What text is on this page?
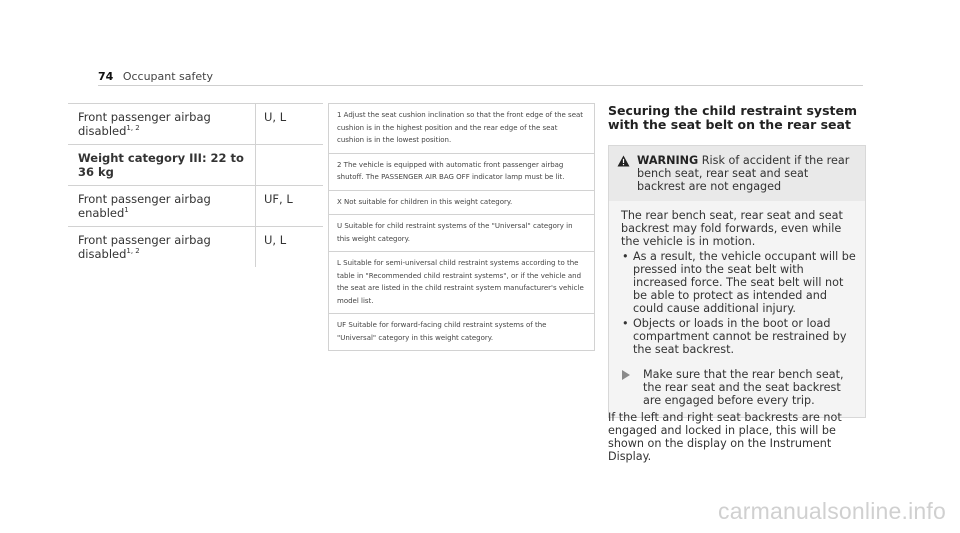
74 Occupant safety
Front passenger airbag disabled$^{1, 2}$
U, L
Weight category III: 22 to 36 kg
Front passenger airbag enabled$^1$
UF, L
Front passenger airbag disabled$^{1, 2}$
U, L
1 Adjust the seat cushion inclination so that the front edge of the seat cushion is in the highest position and the rear edge of the seat cushion is in the lowest position.
2 The vehicle is equipped with automatic front passenger airbag shutoff. The PASSENGER AIR BAG OFF indicator lamp must be lit.
X Not suitable for children in this weight category.
U Suitable for child restraint systems of the "Universal" category in this weight category.
L Suitable for semi-universal child restraint systems according to the table in "Recommended child restraint systems", or if the vehicle and the seat are listed in the child restraint system manufacturer's vehicle model list.
UF Suitable for forward-facing child restraint systems of the "Universal" category in this weight category.
Securing the child restraint system with the seat belt on the rear seat
WARNING Risk of accident if the rear bench seat, rear seat and seat backrest are not engaged
The rear bench seat, rear seat and seat backrest may fold forwards, even while the vehicle is in motion.
• As a result, the vehicle occupant will be pressed into the seat belt with increased force. The seat belt will not be able to protect as intended and could cause additional injury.
• Objects or loads in the boot or load compartment cannot be restrained by the seat backrest.
Make sure that the rear bench seat, the rear seat and the seat backrest are engaged before every trip.
If the left and right seat backrests are not engaged and locked in place, this will be shown on the display on the Instrument Display.
carmanualsonline.info
